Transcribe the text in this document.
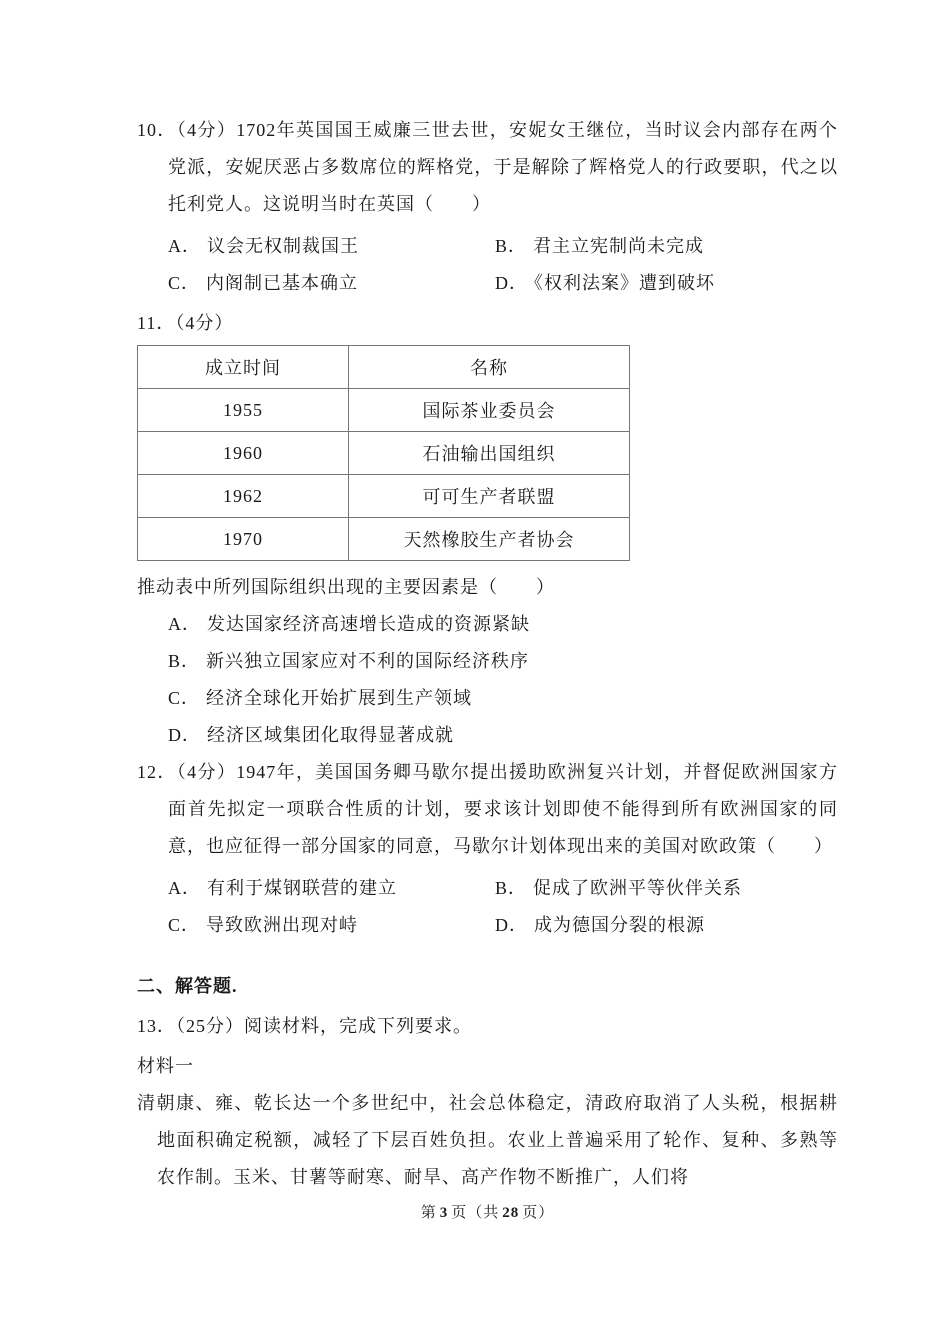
10．（4分）1702年英国国王威廉三世去世，安妮女王继位，当时议会内部存在两个党派，安妮厌恶占多数席位的辉格党，于是解除了辉格党人的行政要职，代之以托利党人。这说明当时在英国（　　）

A． 议会无权制裁国王	B． 君主立宪制尚未完成
C． 内阁制已基本确立	D． 《权利法案》遭到破坏
11．（4分）
成立时间	名称
1955	国际茶业委员会
1960	石油输出国组织
1962	可可生产者联盟
1970	天然橡胶生产者协会
推动表中所列国际组织出现的主要因素是（　　）
A． 发达国家经济高速增长造成的资源紧缺
B． 新兴独立国家应对不利的国际经济秩序
C． 经济全球化开始扩展到生产领域
D． 经济区域集团化取得显著成就

12．（4分）1947年，美国国务卿马歇尔提出援助欧洲复兴计划，并督促欧洲国家方面首先拟定一项联合性质的计划，要求该计划即使不能得到所有欧洲国家的同意，也应征得一部分国家的同意，马歇尔计划体现出来的美国对欧政策（　　）

A． 有利于煤钢联营的建立	B． 促成了欧洲平等伙伴关系
C． 导致欧洲出现对峙	D． 成为德国分裂的根源
二、解答题.
13．（25分）阅读材料，完成下列要求。
材料一

清朝康、雍、乾长达一个多世纪中，社会总体稳定，清政府取消了人头税，根据耕地面积确定税额，减轻了下层百姓负担。农业上普遍采用了轮作、复种、多熟等农作制。玉米、甘薯等耐寒、耐旱、高产作物不断推广，人们将

第 3 页（共 28 页）
